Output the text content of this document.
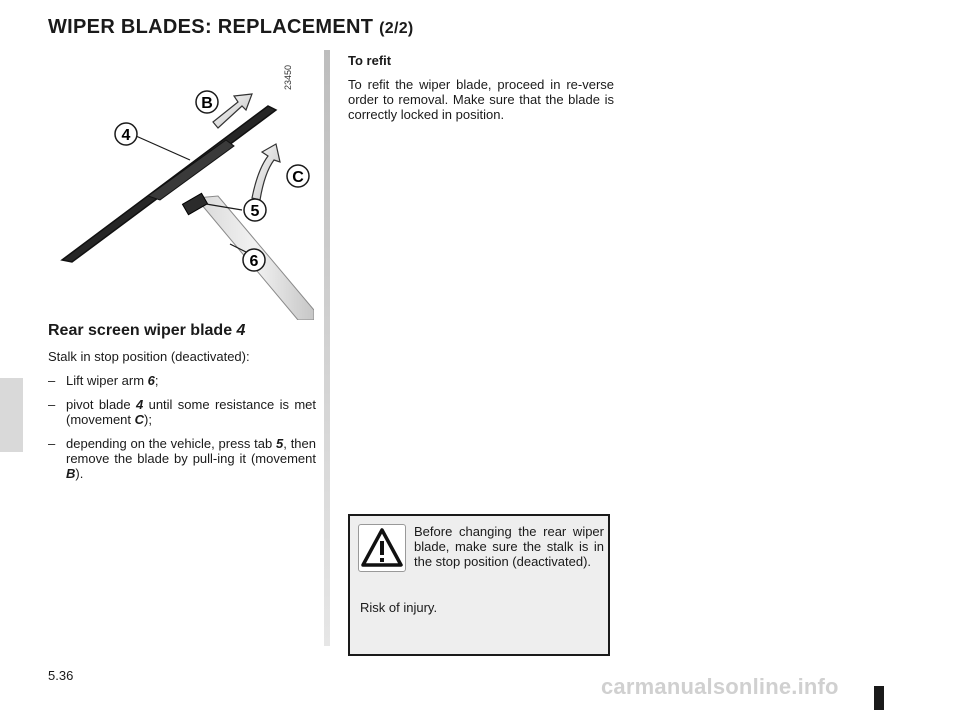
WIPER BLADES: REPLACEMENT (2/2)
B
4
C
5
6
23450
Rear screen wiper blade 4
Stalk in stop position (deactivated):
– Lift wiper arm 6;
– pivot blade 4 until some resistance is met (movement C);
– depending on the vehicle, press tab 5, then remove the blade by pull-ing it (movement B).
To refit

To refit the wiper blade, proceed in re-verse order to removal. Make sure that the blade is correctly locked in position.

Before changing the rear wiper blade, make sure the stalk is in the stop position (deactivated).

Risk of injury.

5.36	carmanualsonline.info
